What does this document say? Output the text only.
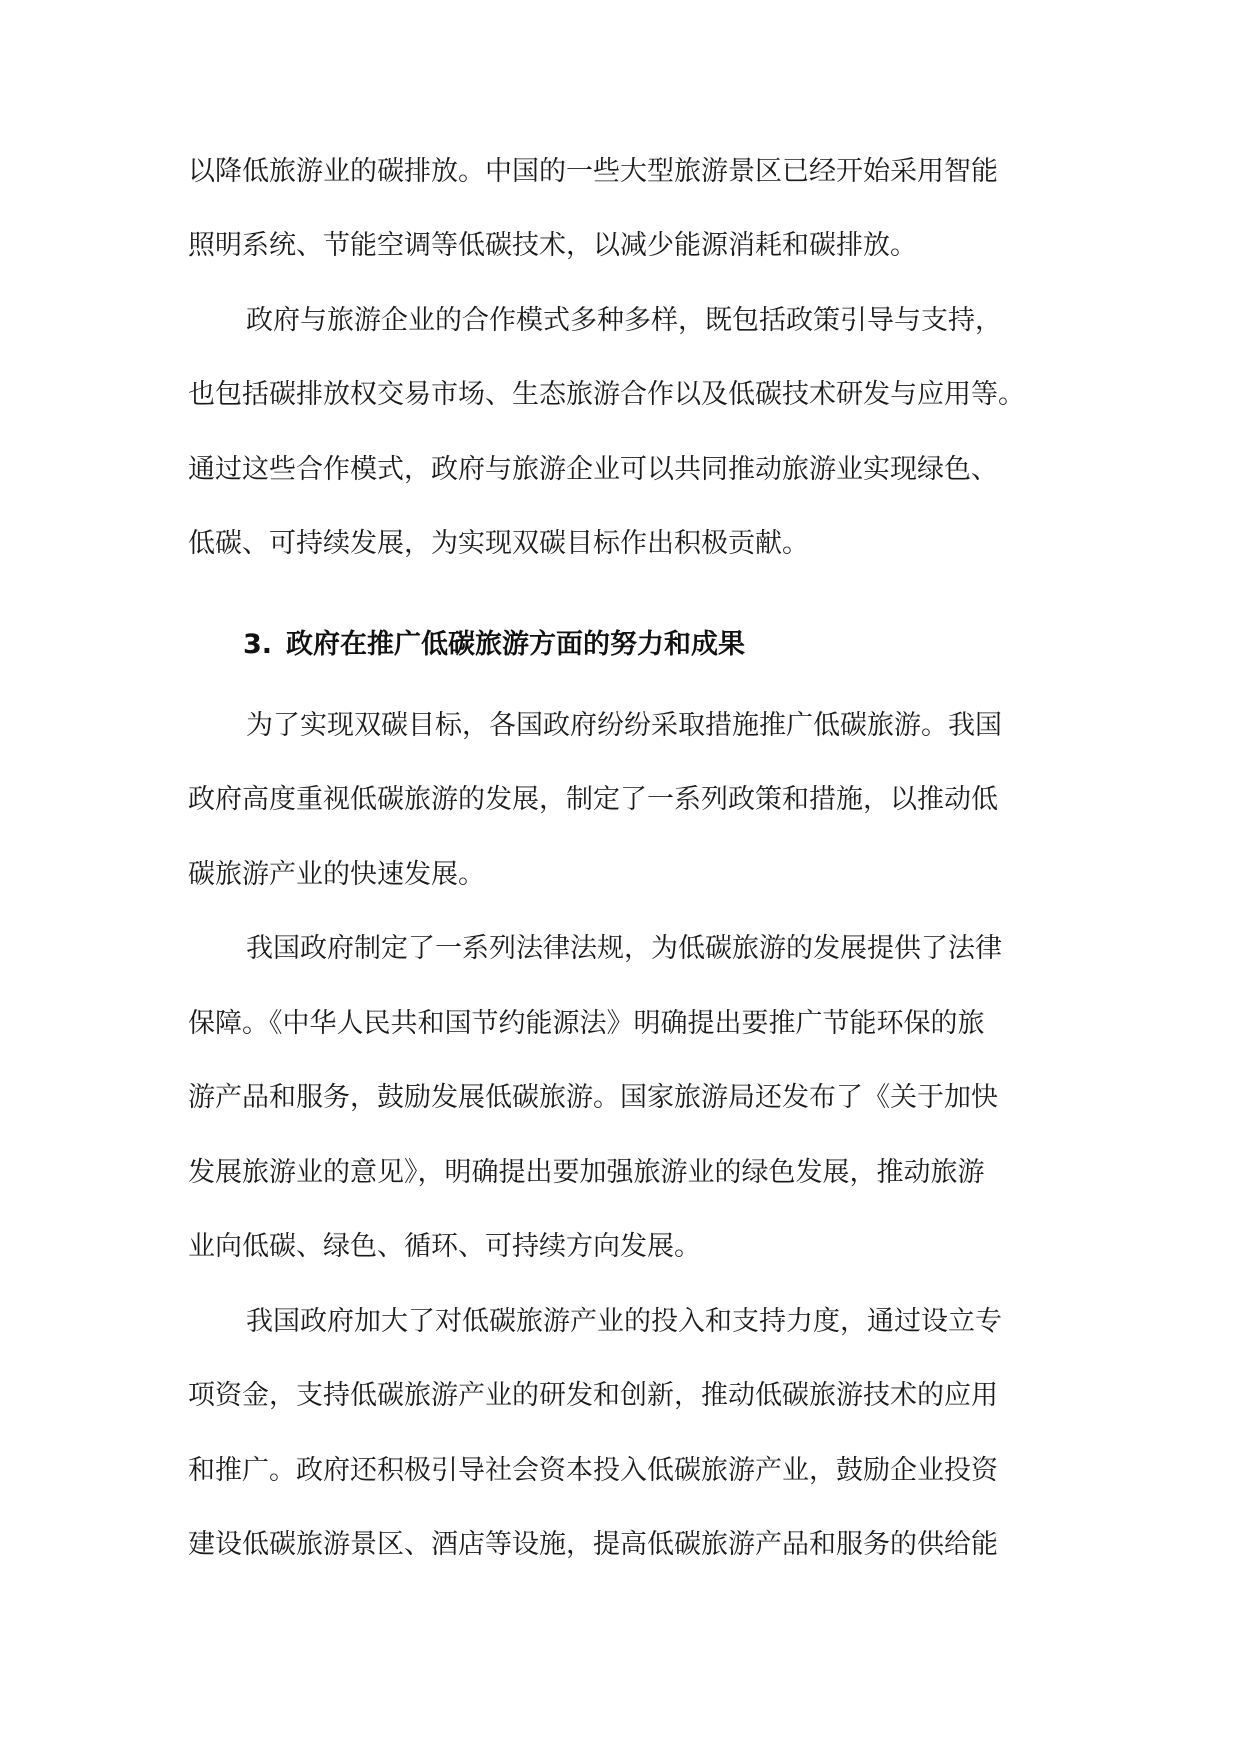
以降低旅游业的碳排放。中国的一些大型旅游景区已经开始采用智能
照明系统、节能空调等低碳技术，以减少能源消耗和碳排放。
政府与旅游企业的合作模式多种多样，既包括政策引导与支持，
也包括碳排放权交易市场、生态旅游合作以及低碳技术研发与应用等。
通过这些合作模式，政府与旅游企业可以共同推动旅游业实现绿色、
低碳、可持续发展，为实现双碳目标作出积极贡献。
3. 政府在推广低碳旅游方面的努力和成果
为了实现双碳目标，各国政府纷纷采取措施推广低碳旅游。我国
政府高度重视低碳旅游的发展，制定了一系列政策和措施，以推动低
碳旅游产业的快速发展。
我国政府制定了一系列法律法规，为低碳旅游的发展提供了法律
保障。《中华人民共和国节约能源法》明确提出要推广节能环保的旅
游产品和服务，鼓励发展低碳旅游。国家旅游局还发布了《关于加快
发展旅游业的意见》，明确提出要加强旅游业的绿色发展，推动旅游
业向低碳、绿色、循环、可持续方向发展。
我国政府加大了对低碳旅游产业的投入和支持力度，通过设立专
项资金，支持低碳旅游产业的研发和创新，推动低碳旅游技术的应用
和推广。政府还积极引导社会资本投入低碳旅游产业，鼓励企业投资
建设低碳旅游景区、酒店等设施，提高低碳旅游产品和服务的供给能
